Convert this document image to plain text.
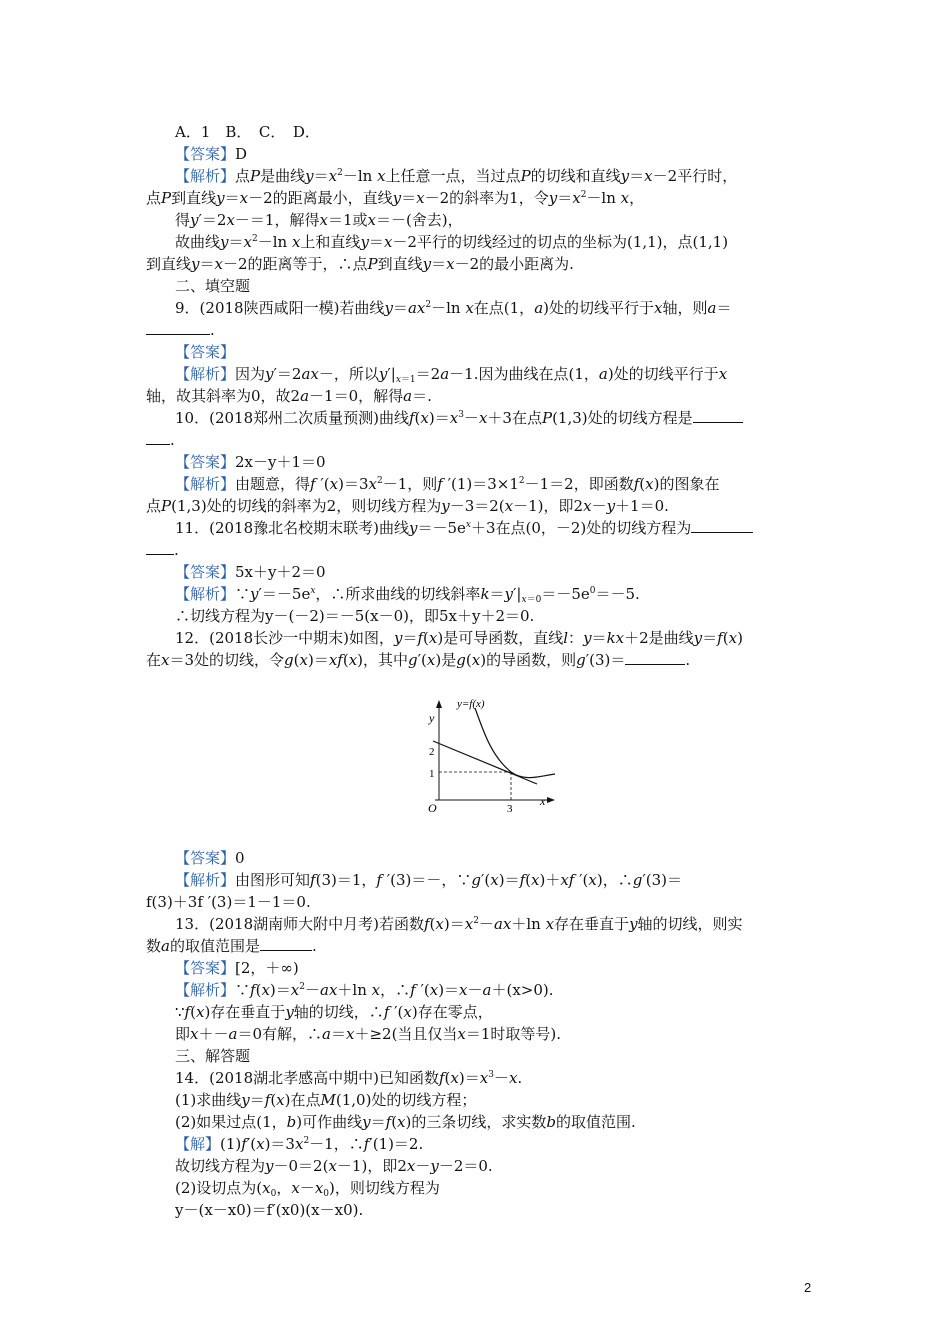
A．1　B．　C．　D．
【答案】D
【解析】点P是曲线$y=x^2-\ln$ x上任意一点，当过点P的切线和直线y＝x－2平行时，
点P到直线y＝x－2的距离最小，直线y＝x－2的斜率为1，令$y=x^2-\ln$ x，
得y′＝2x－＝1，解得x＝1或x＝－(舍去)，
故曲线$y=x^2-\ln$ x上和直线y＝x－2平行的切线经过的切点的坐标为(1,1)，点(1,1)
到直线y＝x－2的距离等于，∴点P到直线y＝x－2的最小距离为.
二、填空题
9．(2018陕西咸阳一模)若曲线$y=ax^2-\ln$ x在点(1，a)处的切线平行于x轴，则a＝
.
【答案】
【解析】因为y′＝2ax－，所以$y'|_{x=1}=2a-1$.因为曲线在点(1，a)处的切线平行于x
轴，故其斜率为0，故2a－1＝0，解得a＝.
10．(2018郑州二次质量预测)曲线$f(x)=x^3-x+3$在点P(1,3)处的切线方程是
.
【答案】2x－y＋1＝0
【解析】由题意，得f $'(x)=3x^2-1$，则f $'(1)=3\times 1^2-1=2$，即函数f(x)的图象在
点P(1,3)处的切线的斜率为2，则切线方程为y－3＝2(x－1)，即2x－y＋1＝0.
11．(2018豫北名校期末联考)曲线$y=-5e^x+3$在点(0，－2)处的切线方程为
.
【答案】5x＋y＋2＝0
【解析】$\because y'=-5e^x$，∴所求曲线的切线斜率$k=y'|_{x=0}=-5e^0=-5$.
∴切线方程为y－(－2)＝－5(x－0)，即5x＋y＋2＝0.
12．(2018长沙一中期末)如图，y＝f(x)是可导函数，直线l：y＝kx＋2是曲线y＝f(x)
在x＝3处的切线，令g(x)＝xf(x)，其中g′(x)是g(x)的导函数，则g′(3)＝	.
y=f(x)
y
x
O
2
1
3
【答案】0
【解析】由图形可知f(3)＝1，f ′(3)＝－，∵g′(x)＝f(x)＋xf ′(x)，∴g′(3)＝
f(3)＋3f ′(3)＝1－1＝0.
13．(2018湖南师大附中月考)若函数$f(x)=x^2-ax+\ln$ x存在垂直于y轴的切线，则实
数a的取值范围是	.
【答案】[2，＋∞)
【解析】$\because f(x)=x^2-ax+\ln$ x，∴f ′(x)＝x－a＋(x>0).
∵f(x)存在垂直于y轴的切线，∴f ′(x)存在零点，
即x＋－a＝0有解，∴a＝x＋≥2(当且仅当x＝1时取等号).
三、解答题
14．(2018湖北孝感高中期中)已知函数$f(x)=x^3-x$.
(1)求曲线y＝f(x)在点M(1,0)处的切线方程；
(2)如果过点(1，b)可作曲线y＝f(x)的三条切线，求实数b的取值范围.
【解】$(1)f'(x)=3x^2-1$，∴f′(1)＝2.
故切线方程为y－0＝2(x－1)，即2x－y－2＝0.
(2)设切点为($x_0$，$x-x_0$)，则切线方程为
y－(x－x0)＝f′(x0)(x－x0).
2
